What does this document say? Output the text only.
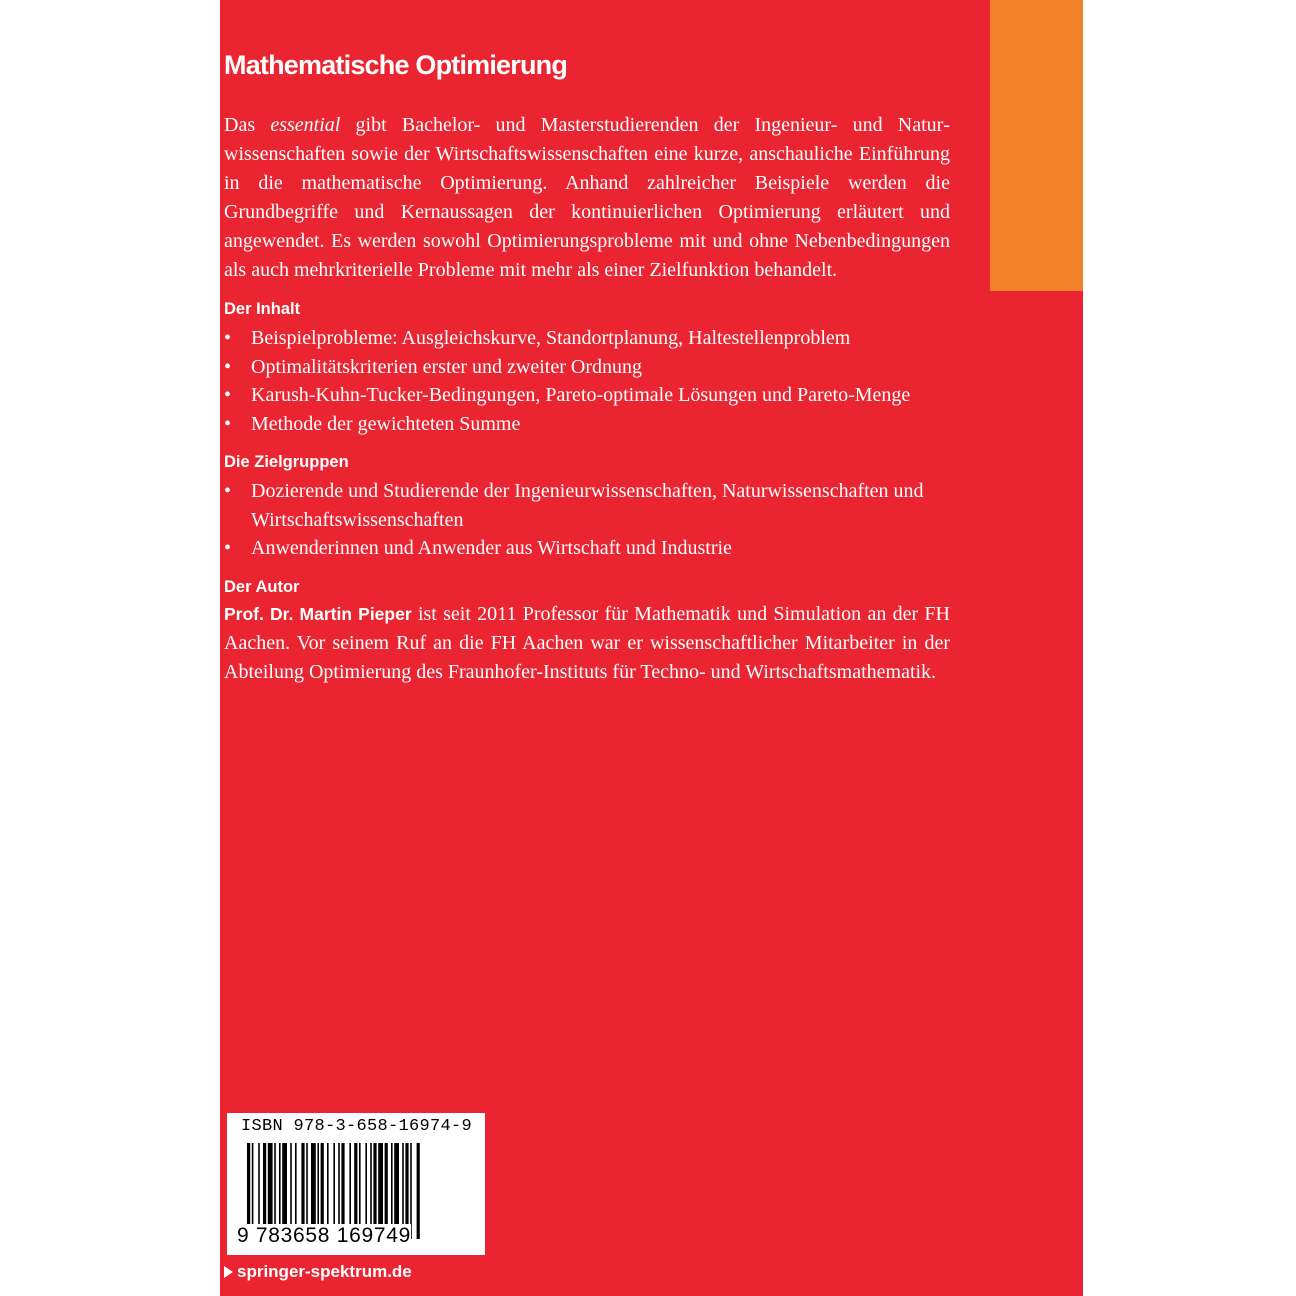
Mathematische Optimierung

Das essential gibt Bachelor- und Masterstudierenden der Ingenieur- und Naturwissenschaften sowie der Wirtschaftswissenschaften eine kurze, anschauliche Einführung in die mathematische Optimierung. Anhand zahlreicher Beispiele werden die Grundbegriffe und Kernaussagen der kontinuierlichen Optimierung erläutert und angewendet. Es werden sowohl Optimierungsprobleme mit und ohne Nebenbedingungen als auch mehrkriterielle Probleme mit mehr als einer Zielfunktion behandelt.

Der Inhalt
• Beispielprobleme: Ausgleichskurve, Standortplanung, Haltestellenproblem
• Optimalitätskriterien erster und zweiter Ordnung
• Karush-Kuhn-Tucker-Bedingungen, Pareto-optimale Lösungen und Pareto-Menge
• Methode der gewichteten Summe
Die Zielgruppen
• Dozierende und Studierende der Ingenieurwissenschaften, Naturwissenschaften und Wirtschaftswissenschaften
• Anwenderinnen und Anwender aus Wirtschaft und Industrie
Der Autor

Prof. Dr. Martin Pieper ist seit 2011 Professor für Mathematik und Simulation an der FH Aachen. Vor seinem Ruf an die FH Aachen war er wissenschaftlicher Mitarbeiter in der Abteilung Optimierung des Fraunhofer-Instituts für Techno- und Wirtschaftsmathematik.

ISBN 978-3-658-16974-9
9 783658 169749
springer-spektrum.de
